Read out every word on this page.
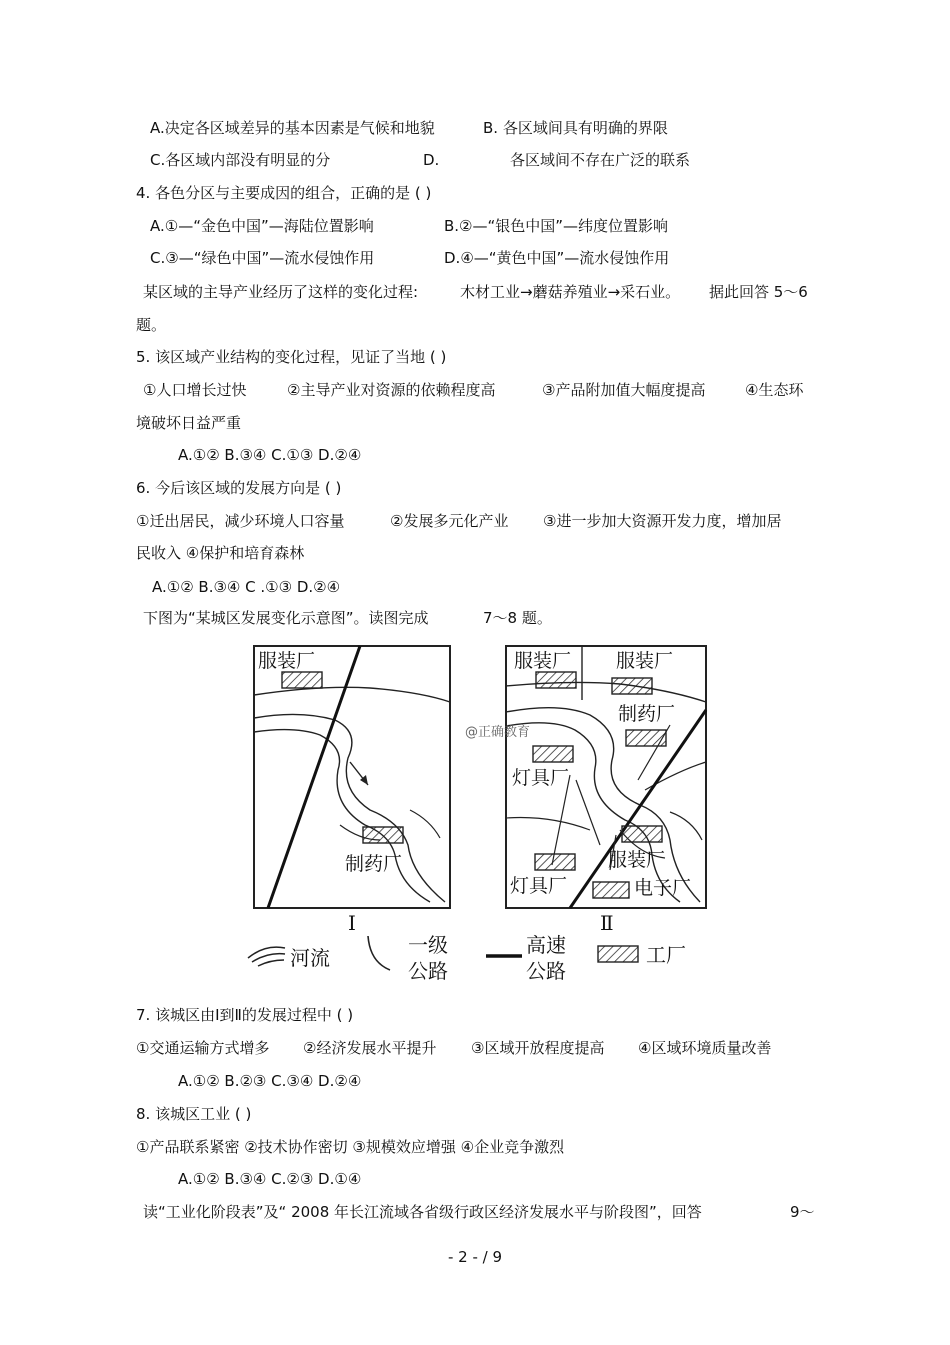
A.决定各区域差异的基本因素是气候和地貌	B. 各区域间具有明确的界限
C.各区域内部没有明显的分	D.	各区域间不存在广泛的联系
4. 各色分区与主要成因的组合，正确的是 ( )
A.①—“金色中国”—海陆位置影响	B.②—“银色中国”—纬度位置影响
C.③—“绿色中国”—流水侵蚀作用	D.④—“黄色中国”—流水侵蚀作用
某区域的主导产业经历了这样的变化过程:	木材工业→蘑菇养殖业→采石业。 据此回答 5～6
题。
5. 该区域产业结构的变化过程，见证了当地 ( )
①人口增长过快	②主导产业对资源的依赖程度高	③产品附加值大幅度提高	④生态环
境破坏日益严重
A.①② B.③④ C.①③ D.②④
6. 今后该区域的发展方向是 ( )
①迁出居民，减少环境人口容量	②发展多元化产业 ③进一步加大资源开发力度，增加居
民收入 ④保护和培育森林
A.①② B.③④ C .①③ D.②④
下图为“某城区发展变化示意图”。读图完成	7～8 题。
7. 该城区由Ⅰ到Ⅱ的发展过程中 ( )
①交通运输方式增多 ②经济发展水平提升 ③区域开放程度提高 ④区域环境质量改善
A.①② B.②③ C.③④ D.②④
8. 该城区工业 ( )
①产品联系紧密 ②技术协作密切 ③规模效应增强 ④企业竞争激烈
A.①② B.③④ C.②③ D.①④
读“工业化阶段表”及“ 2008 年长江流域各省级行政区经济发展水平与阶段图”，回答	9～
服装厂
制药厂
Ⅰ
服装厂 服装厂
制药厂
灯具厂
服装厂
灯具厂	电子厂
Ⅱ
@正确教育
河流
一级
公路
高速
公路
工厂
- 2 - / 9
